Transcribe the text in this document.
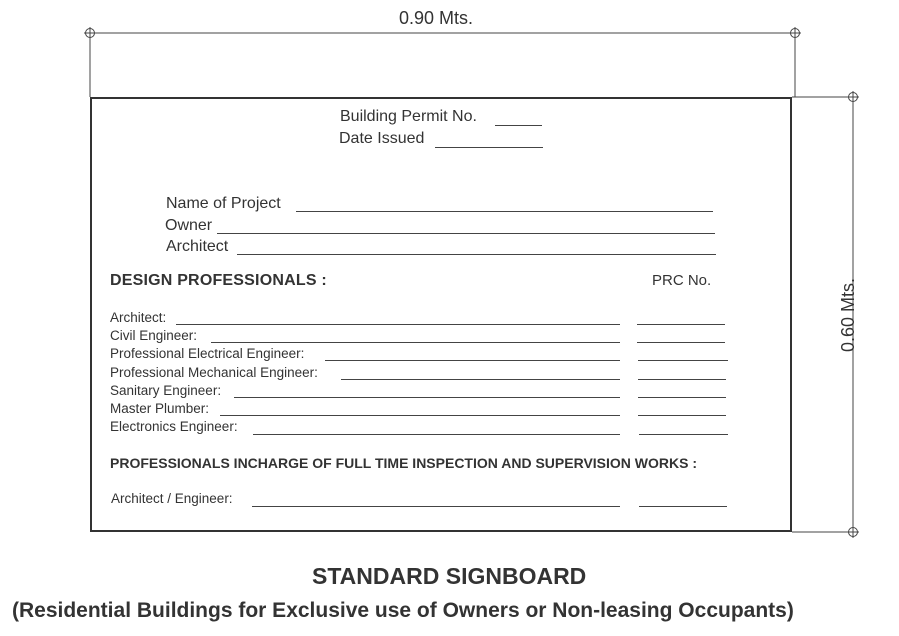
0.90 Mts.
0.60 Mts.
Building Permit No.
Date Issued
Name of Project
Owner
Architect
DESIGN PROFESSIONALS :	PRC No.
Architect:
Civil Engineer:
Professional Electrical Engineer:
Professional Mechanical Engineer:
Sanitary Engineer:
Master Plumber:
Electronics Engineer:
PROFESSIONALS INCHARGE OF FULL TIME INSPECTION AND SUPERVISION WORKS :
Architect / Engineer:
STANDARD SIGNBOARD
(Residential Buildings for Exclusive use of Owners or Non-leasing Occupants)
